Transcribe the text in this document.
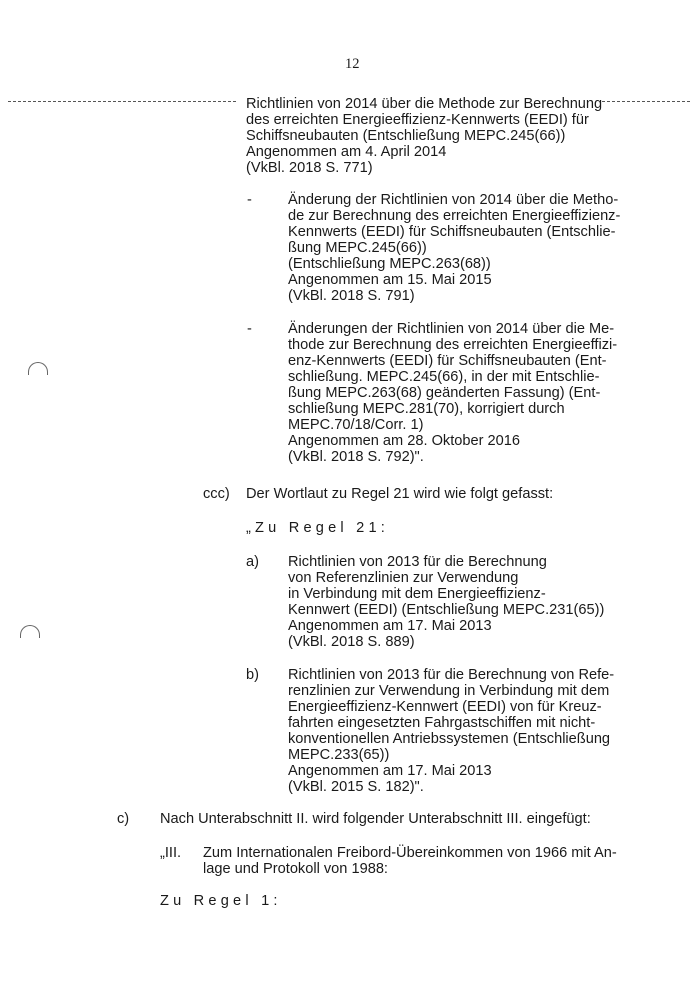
12
Richtlinien von 2014 über die Methode zur Berechnung
des erreichten Energieeffizienz-Kennwerts (EEDI) für
Schiffsneubauten (Entschließung MEPC.245(66))
Angenommen am 4. April 2014
(VkBl. 2018 S. 771)
- Änderung der Richtlinien von 2014 über die Metho-
de zur Berechnung des erreichten Energieeffizienz-
Kennwerts (EEDI) für Schiffsneubauten (Entschlie-
ßung MEPC.245(66))
(Entschließung MEPC.263(68))
Angenommen am 15. Mai 2015
(VkBl. 2018 S. 791)
- Änderungen der Richtlinien von 2014 über die Me-
thode zur Berechnung des erreichten Energieeffizi-
enz-Kennwerts (EEDI) für Schiffsneubauten (Ent-
schließung. MEPC.245(66), in der mit Entschlie-
ßung MEPC.263(68) geänderten Fassung) (Ent-
schließung MEPC.281(70), korrigiert durch
MEPC.70/18/Corr. 1)
Angenommen am 28. Oktober 2016
(VkBl. 2018 S. 792)".
ccc) Der Wortlaut zu Regel 21 wird wie folgt gefasst:
„Zu Regel 21:
a) Richtlinien von 2013 für die Berechnung
von Referenzlinien zur Verwendung
in Verbindung mit dem Energieeffizienz-
Kennwert (EEDI) (Entschließung MEPC.231(65))
Angenommen am 17. Mai 2013
(VkBl. 2018 S. 889)
b) Richtlinien von 2013 für die Berechnung von Refe-
renzlinien zur Verwendung in Verbindung mit dem
Energieeffizienz-Kennwert (EEDI) von für Kreuz-
fahrten eingesetzten Fahrgastschiffen mit nicht-
konventionellen Antriebssystemen (Entschließung
MEPC.233(65))
Angenommen am 17. Mai 2013
(VkBl. 2015 S. 182)".
c) Nach Unterabschnitt II. wird folgender Unterabschnitt III. eingefügt:
„III. Zum Internationalen Freibord-Übereinkommen von 1966 mit An-
lage und Protokoll von 1988:
Zu Regel 1:
